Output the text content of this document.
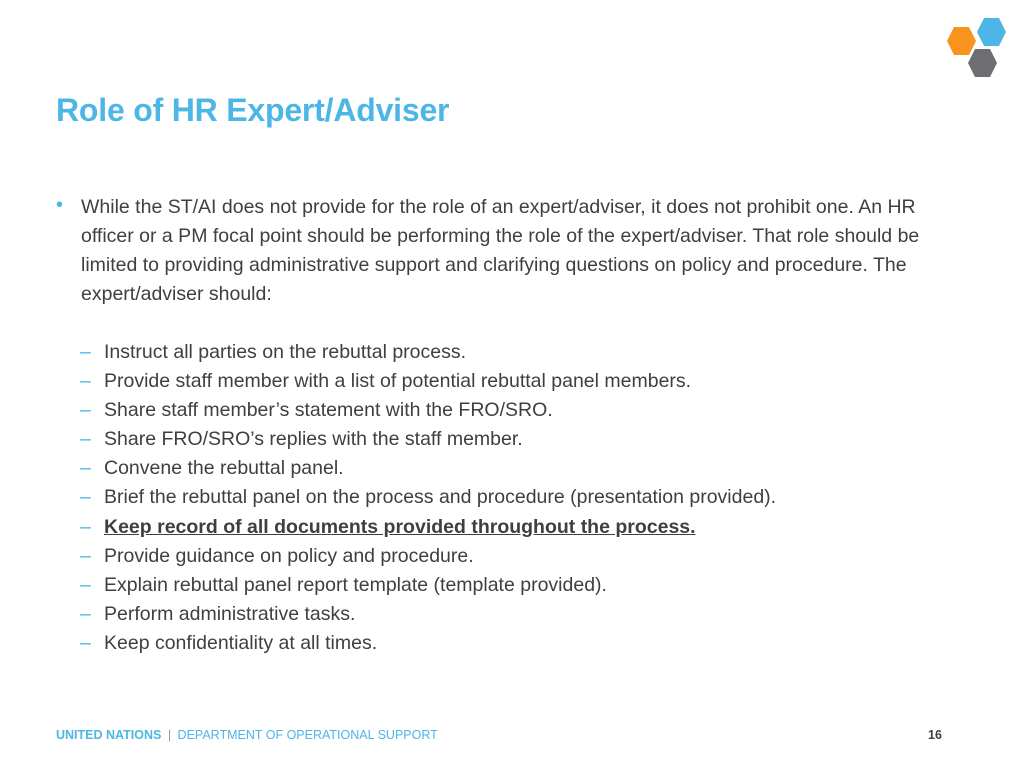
Role of HR Expert/Adviser

• While the ST/AI does not provide for the role of an expert/adviser, it does not prohibit one. An HR officer or a PM focal point should be performing the role of the expert/adviser. That role should be limited to providing administrative support and clarifying questions on policy and procedure. The expert/adviser should:

– Instruct all parties on the rebuttal process.
– Provide staff member with a list of potential rebuttal panel members.
– Share staff member’s statement with the FRO/SRO.
– Share FRO/SRO’s replies with the staff member.
– Convene the rebuttal panel.
– Brief the rebuttal panel on the process and procedure (presentation provided).
– Keep record of all documents provided throughout the process.
– Provide guidance on policy and procedure.
– Explain rebuttal panel report template (template provided).
– Perform administrative tasks.
– Keep confidentiality at all times.
UNITED NATIONS | DEPARTMENT OF OPERATIONAL SUPPORT	16
